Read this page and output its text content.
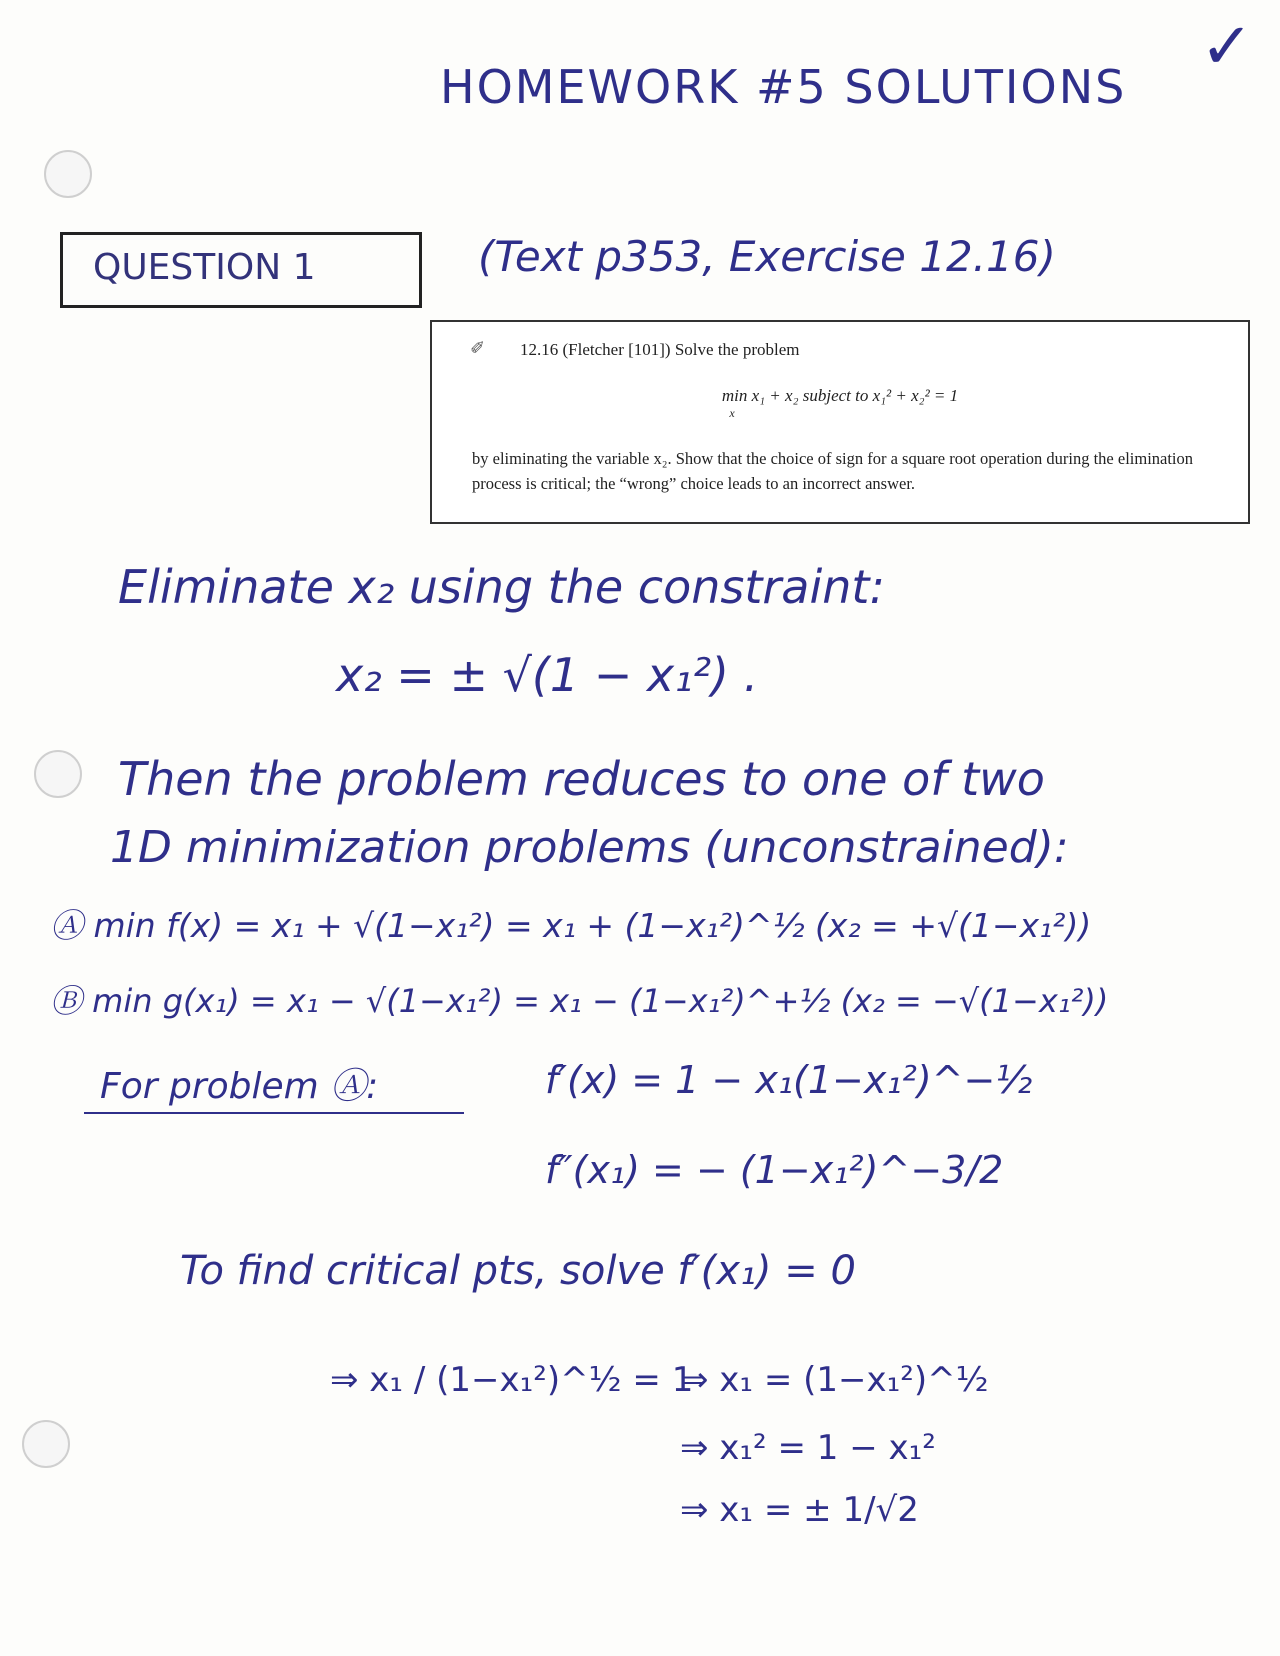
✓
HOMEWORK #5 SOLUTIONS
QUESTION 1	(Text p353, Exercise 12.16)
✐ 12.16 (Fletcher [101]) Solve the problem
min x₁ + x₂ subject to x₁² + x₂² = 1
x
by eliminating the variable x₂. Show that the choice of sign for a square root operation during the elimination process is critical; the “wrong” choice leads to an incorrect answer.
Eliminate x₂ using the constraint:
x₂ = ± √(1 − x₁²) .
Then the problem reduces to one of two
1D minimization problems (unconstrained):
Ⓐ min f(x) = x₁ + √(1−x₁²) = x₁ + (1−x₁²)^½ (x₂ = +√(1−x₁²))
Ⓑ min g(x₁) = x₁ − √(1−x₁²) = x₁ − (1−x₁²)^+½ (x₂ = −√(1−x₁²))
For problem Ⓐ:	f′(x) = 1 − x₁(1−x₁²)^−½
f″(x₁) = − (1−x₁²)^−3/2
To find critical pts, solve f′(x₁) = 0
⇒ x₁ / (1−x₁²)^½ = 1
⇒ x₁ = (1−x₁²)^½
⇒ x₁² = 1 − x₁²
⇒ x₁ = ± 1/√2
